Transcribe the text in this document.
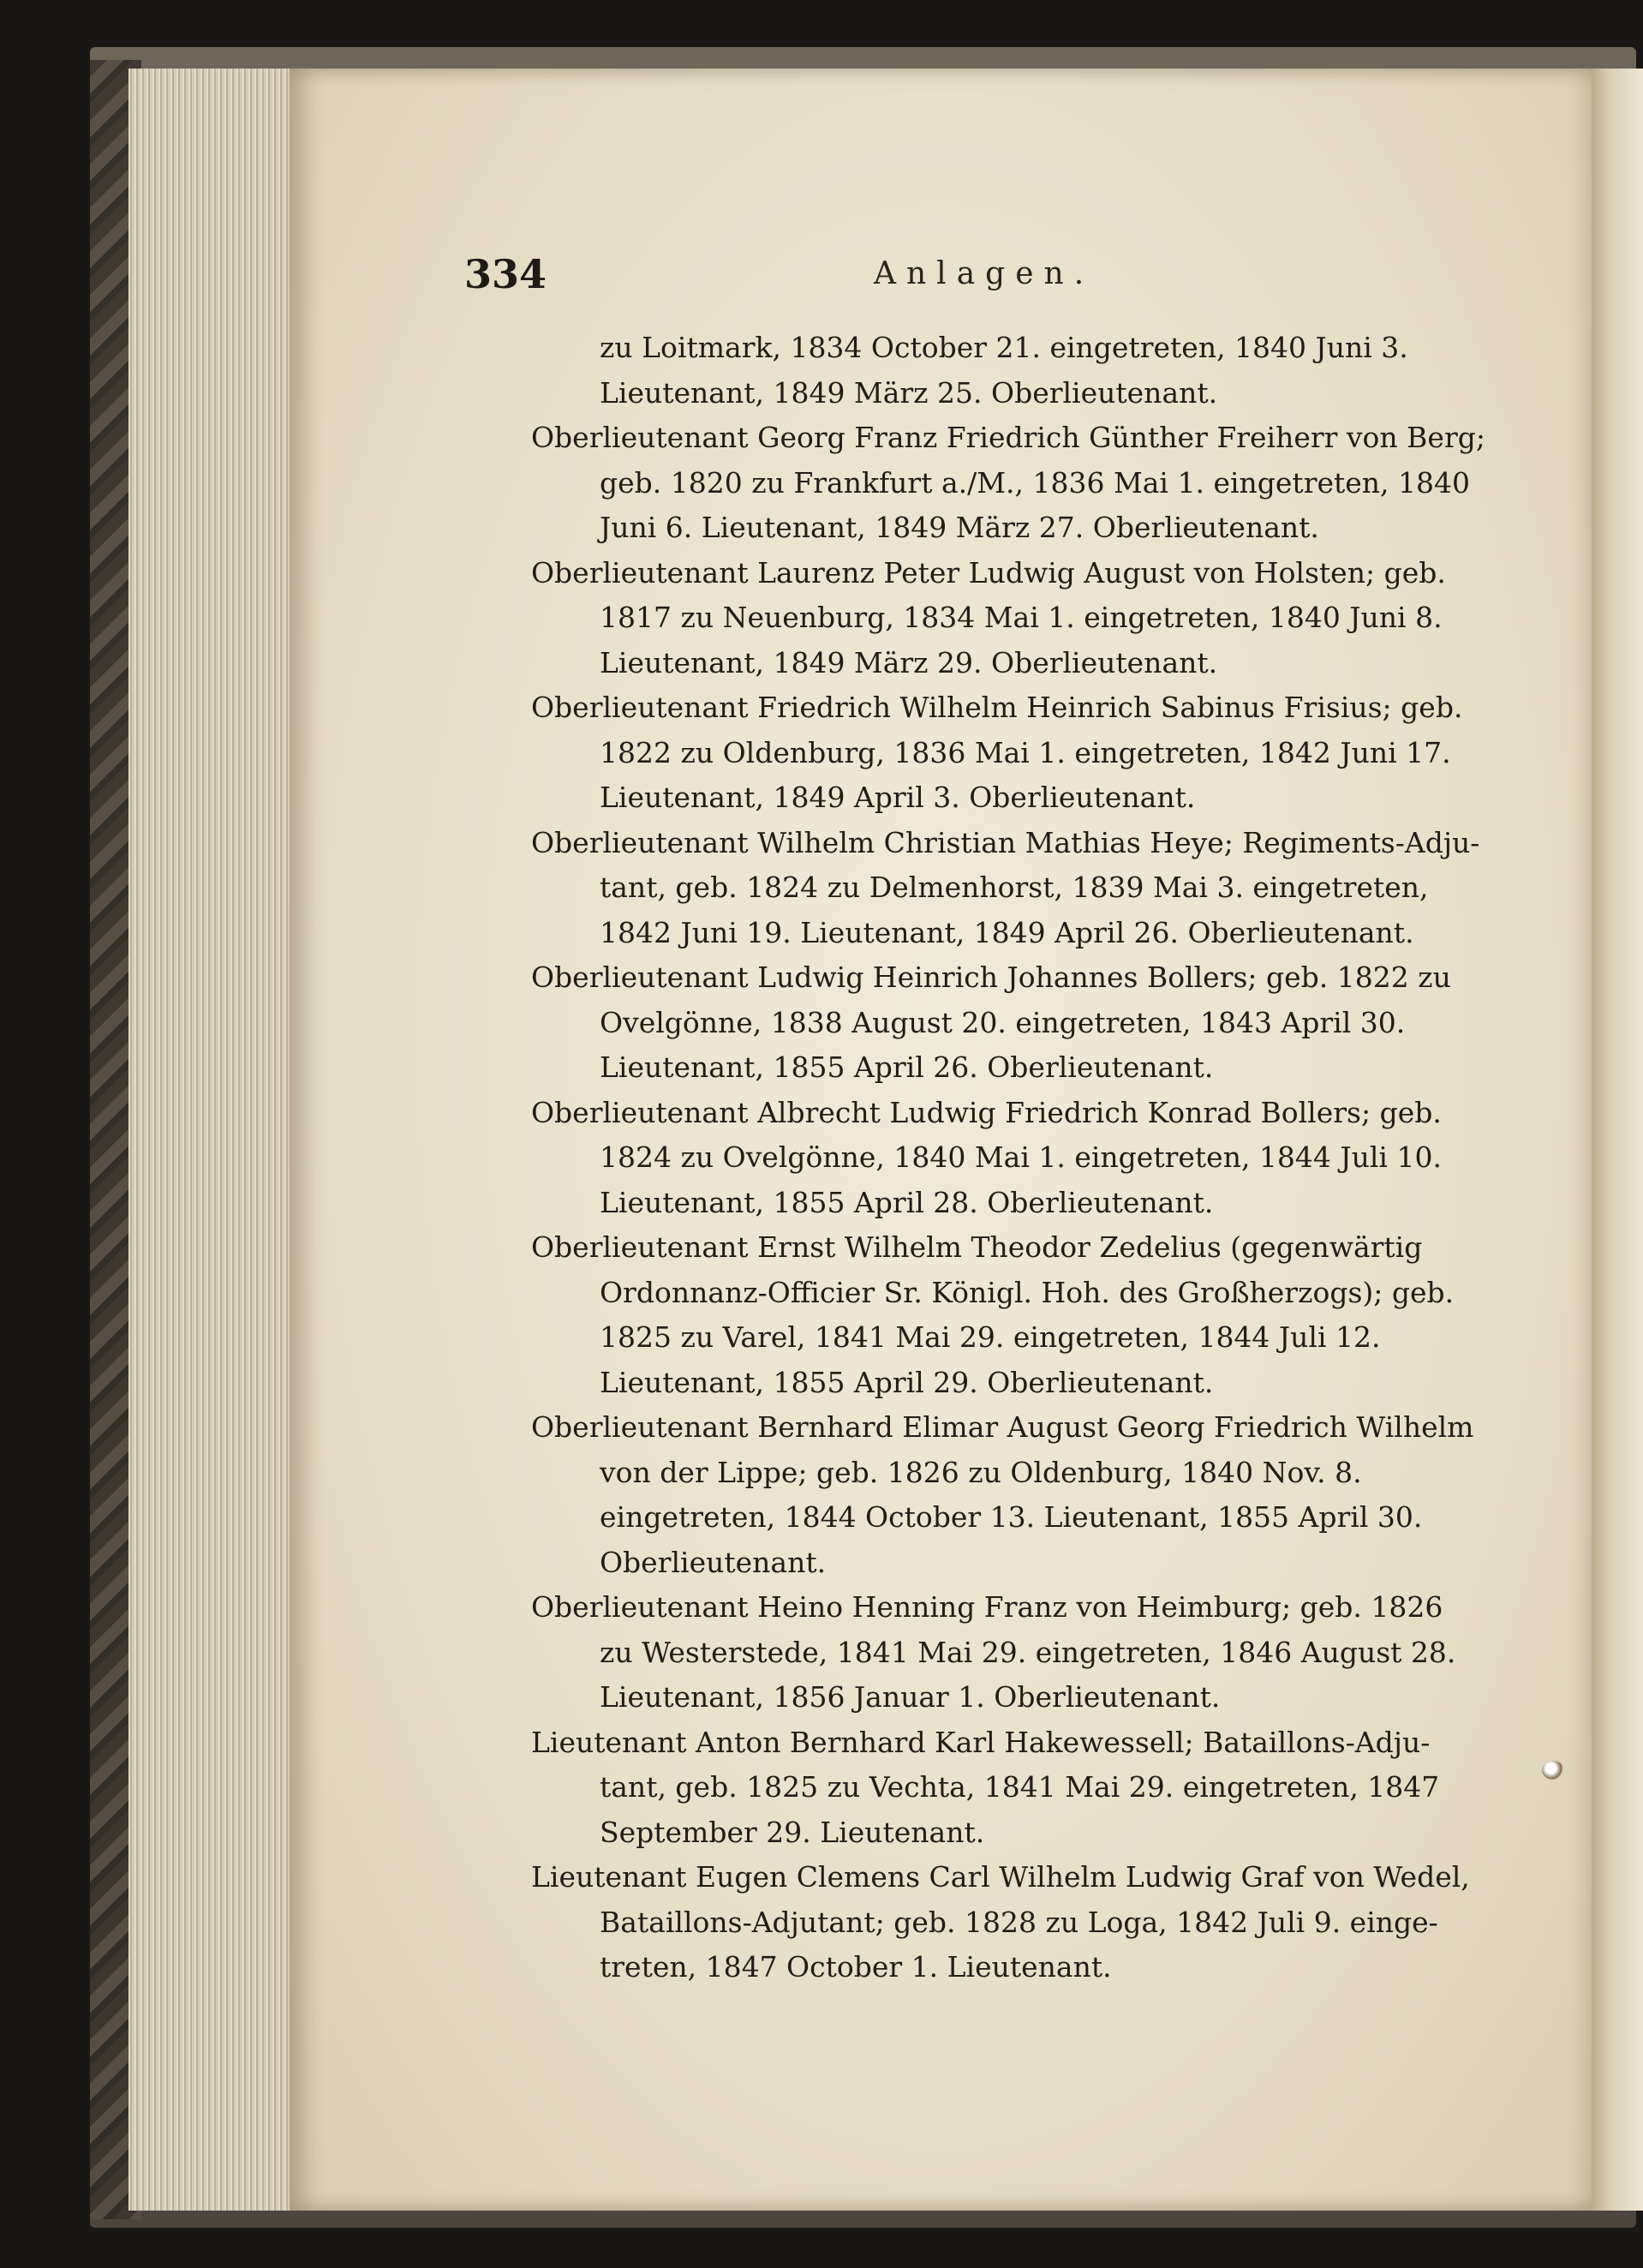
334	Anlagen.
zu Loitmark, 1834 October 21. eingetreten, 1840 Juni 3.
Lieutenant, 1849 März 25. Oberlieutenant.
Oberlieutenant Georg Franz Friedrich Günther Freiherr von Berg;
geb. 1820 zu Frankfurt a./M., 1836 Mai 1. eingetreten, 1840
Juni 6. Lieutenant, 1849 März 27. Oberlieutenant.
Oberlieutenant Laurenz Peter Ludwig August von Holsten; geb.
1817 zu Neuenburg, 1834 Mai 1. eingetreten, 1840 Juni 8.
Lieutenant, 1849 März 29. Oberlieutenant.
Oberlieutenant Friedrich Wilhelm Heinrich Sabinus Frisius; geb.
1822 zu Oldenburg, 1836 Mai 1. eingetreten, 1842 Juni 17.
Lieutenant, 1849 April 3. Oberlieutenant.
Oberlieutenant Wilhelm Christian Mathias Heye; Regiments-Adju-
tant, geb. 1824 zu Delmenhorst, 1839 Mai 3. eingetreten,
1842 Juni 19. Lieutenant, 1849 April 26. Oberlieutenant.
Oberlieutenant Ludwig Heinrich Johannes Bollers; geb. 1822 zu
Ovelgönne, 1838 August 20. eingetreten, 1843 April 30.
Lieutenant, 1855 April 26. Oberlieutenant.
Oberlieutenant Albrecht Ludwig Friedrich Konrad Bollers; geb.
1824 zu Ovelgönne, 1840 Mai 1. eingetreten, 1844 Juli 10.
Lieutenant, 1855 April 28. Oberlieutenant.
Oberlieutenant Ernst Wilhelm Theodor Zedelius (gegenwärtig
Ordonnanz-Officier Sr. Königl. Hoh. des Großherzogs); geb.
1825 zu Varel, 1841 Mai 29. eingetreten, 1844 Juli 12.
Lieutenant, 1855 April 29. Oberlieutenant.
Oberlieutenant Bernhard Elimar August Georg Friedrich Wilhelm
von der Lippe; geb. 1826 zu Oldenburg, 1840 Nov. 8.
eingetreten, 1844 October 13. Lieutenant, 1855 April 30.
Oberlieutenant.
Oberlieutenant Heino Henning Franz von Heimburg; geb. 1826
zu Westerstede, 1841 Mai 29. eingetreten, 1846 August 28.
Lieutenant, 1856 Januar 1. Oberlieutenant.
Lieutenant Anton Bernhard Karl Hakewessell; Bataillons-Adju-
tant, geb. 1825 zu Vechta, 1841 Mai 29. eingetreten, 1847
September 29. Lieutenant.
Lieutenant Eugen Clemens Carl Wilhelm Ludwig Graf von Wedel,
Bataillons-Adjutant; geb. 1828 zu Loga, 1842 Juli 9. einge-
treten, 1847 October 1. Lieutenant.
